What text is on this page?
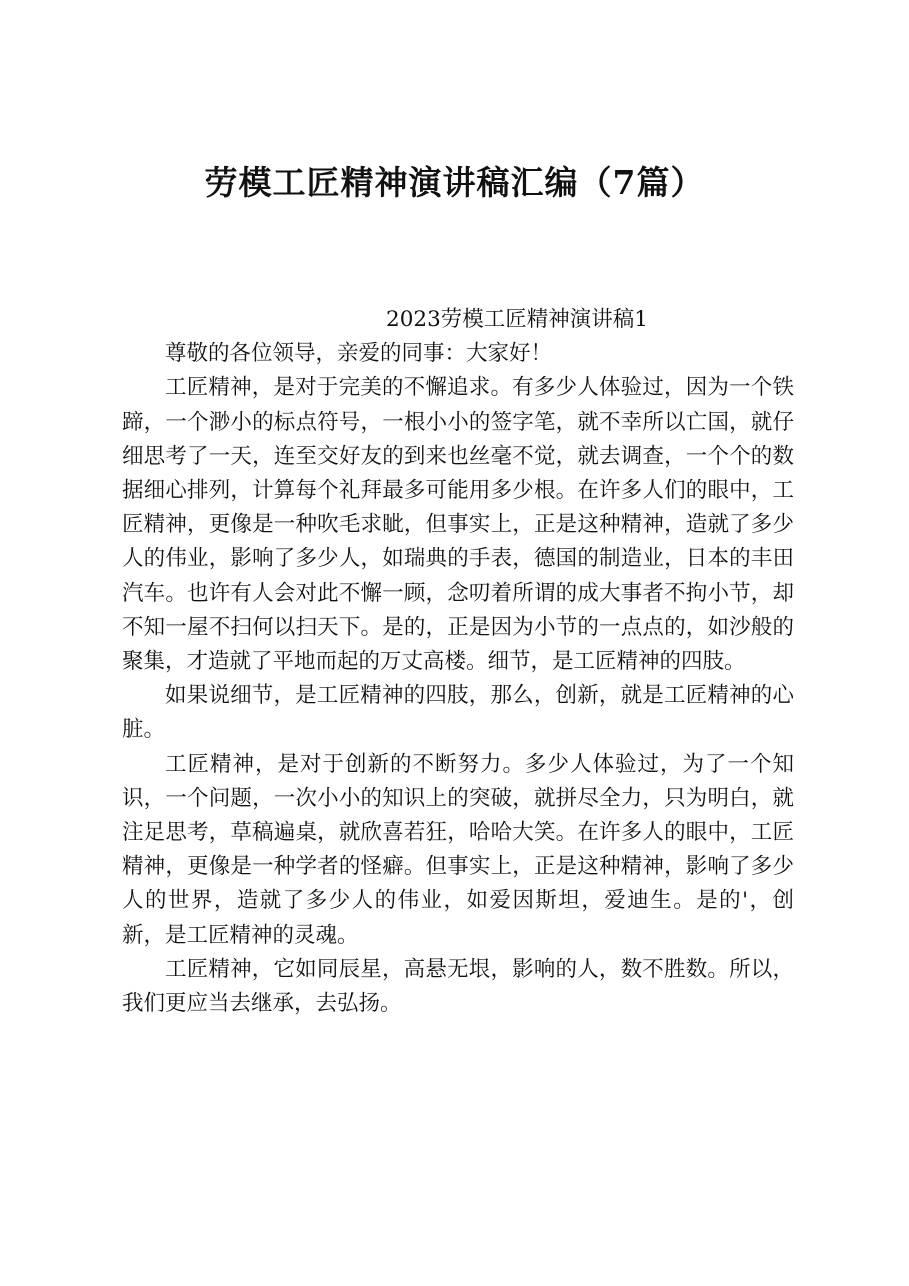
劳模工匠精神演讲稿汇编（7篇）

2023劳模工匠精神演讲稿1

尊敬的各位领导，亲爱的同事：大家好！

工匠精神，是对于完美的不懈追求。有多少人体验过，因为一个铁蹄，一个渺小的标点符号，一根小小的签字笔，就不幸所以亡国，就仔细思考了一天，连至交好友的到来也丝毫不觉，就去调查，一个个的数据细心排列，计算每个礼拜最多可能用多少根。在许多人们的眼中，工匠精神，更像是一种吹毛求眦，但事实上，正是这种精神，造就了多少人的伟业，影响了多少人，如瑞典的手表，德国的制造业，日本的丰田汽车。也许有人会对此不懈一顾，念叨着所谓的成大事者不拘小节，却不知一屋不扫何以扫天下。是的，正是因为小节的一点点的，如沙般的聚集，才造就了平地而起的万丈高楼。细节，是工匠精神的四肢。

如果说细节，是工匠精神的四肢，那么，创新，就是工匠精神的心脏。

工匠精神，是对于创新的不断努力。多少人体验过，为了一个知识，一个问题，一次小小的知识上的突破，就拼尽全力，只为明白，就注足思考，草稿遍桌，就欣喜若狂，哈哈大笑。在许多人的眼中，工匠精神，更像是一种学者的怪癖。但事实上，正是这种精神，影响了多少人的世界，造就了多少人的伟业，如爱因斯坦，爱迪生。是的'，创新，是工匠精神的灵魂。

工匠精神，它如同辰星，高悬无垠，影响的人，数不胜数。所以，我们更应当去继承，去弘扬。
